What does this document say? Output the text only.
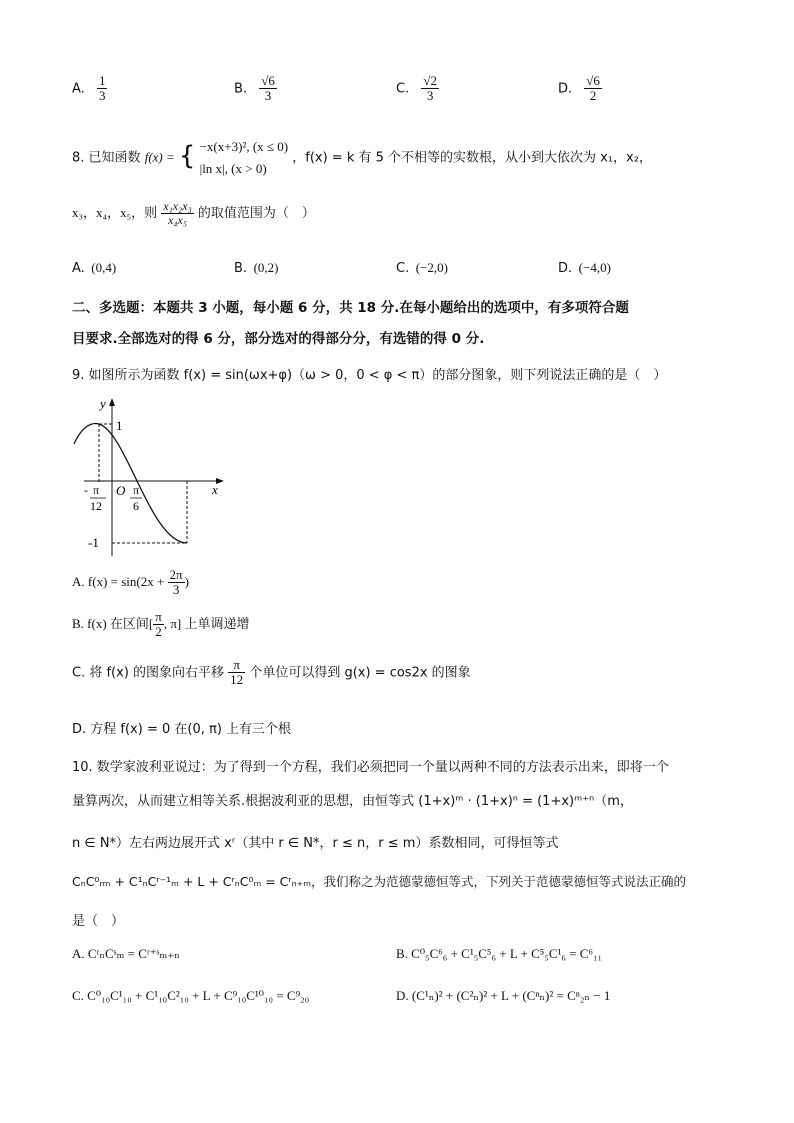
A. $\frac{1}{3}$	B. $\frac{√6}{3}$	C. $\frac{√2}{3}$	D. $\frac{√6}{2}$
8. 已知函数 f(x) = { −x(x+3)², (x ≤ 0)
|ln x|, (x > 0)
，f(x) = k 有 5 个不相等的实数根，从小到大依次为 x₁，x₂，
x₃，x₄，x₅，则 $\frac{\text{x₁x₂x₃}}{\text{x₄x₅}}$ 的取值范围为（　）
A. (0,4)	B. (0,2)	C. (−2,0)	D. (−4,0)
二、多选题：本题共 3 小题，每小题 6 分，共 18 分.在每小题给出的选项中，有多项符合题
目要求.全部选对的得 6 分，部分选对的得部分分，有选错的得 0 分.
9. 如图所示为函数 f(x) = sin(ωx+φ)（ω > 0，0 < φ < π）的部分图象，则下列说法正确的是（　）
y
x
1
-1
O
- π
12
π
6
A. $f(x) = \sin(2x + \frac{2\pi}{3}$ )
B. f(x) 在区间[ $\frac{\pi}{2}$ , π] 上单调递增
C. 将 f(x) 的图象向右平移 $\frac{\pi}{12}$ 个单位可以得到 g(x) = cos2x 的图象
D. 方程 f(x) = 0 在(0, π) 上有三个根
10. 数学家波利亚说过：为了得到一个方程，我们必须把同一个量以两种不同的方法表示出来，即将一个
量算两次，从而建立相等关系.根据波利亚的思想，由恒等式 (1+x)ᵐ · (1+x)ⁿ = (1+x)ᵐ⁺ⁿ（m，
n ∈ N*）左右两边展开式 xʳ（其中 r ∈ N*，r ≤ n，r ≤ m）系数相同，可得恒等式
CₙC⁰ᵣₘ + C¹ₙCʳ⁻¹ₘ + L + CʳₙC⁰ₘ = Cʳₙ₊ₘ，我们称之为范德蒙德恒等式，下列关于范德蒙德恒等式说法正确的
是（　）
A. CʳₙCˢₘ = Cʳ⁺ˢₘ₊ₙ	B. C⁰₅C⁶₆ + C¹₅C⁵₆ + L + C⁵₅C¹₆ = C⁶₁₁
C. C⁰₁₀C¹₁₀ + C¹₁₀C²₁₀ + L + C⁹₁₀C¹⁰₁₀ = C⁹₂₀	D. (C¹ₙ)² + (C²ₙ)² + L + (Cⁿₙ)² = Cⁿ₂ₙ − 1
